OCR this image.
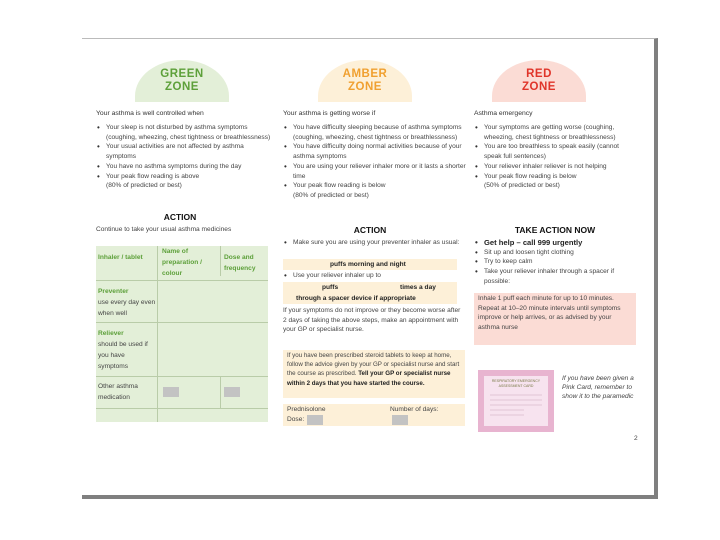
GREEN
ZONE
AMBER
ZONE
RED
ZONE
Your asthma is well controlled when
• Your sleep is not disturbed by asthma symptoms (coughing, wheezing, chest tightness or breathlessness)
• Your usual activities are not affected by asthma symptoms
• You have no asthma symptoms during the day
• Your peak flow reading is above
(80% of predicted or best)
ACTION
Continue to take your usual asthma medicines
Inhaler / tablet
Name of preparation / colour
Dose and frequency
Preventer
use every day even when well
Reliever
should be used if you have symptoms
Other asthma medication
Your asthma is getting worse if
• You have difficulty sleeping because of asthma symptoms (coughing, wheezing, chest tightness or breathlessness)
• You have difficulty doing normal activities because of your asthma symptoms
• You are using your reliever inhaler more or it lasts a shorter time
• Your peak flow reading is below
(80% of predicted or best)
ACTION
• Make sure you are using your preventer inhaler as usual:
puffs morning and night
• Use your reliever inhaler up to
puffs	times a day
through a spacer device if appropriate
If your symptoms do not improve or they become worse after 2 days of taking the above steps, make an appointment with your GP or specialist nurse.
If you have been prescribed steroid tablets to keep at home, follow the advice given by your GP or specialist nurse and start the course as prescribed. Tell your GP or specialist nurse within 2 days that you have started the course.
Prednisolone
Dose:
Number of days:
Asthma emergency
• Your symptoms are getting worse (coughing, wheezing, chest tightness or breathlessness)
• You are too breathless to speak easily (cannot speak full sentences)
• Your reliever inhaler reliever is not helping
• Your peak flow reading is below
(50% of predicted or best)
TAKE ACTION NOW
• Get help – call 999 urgently
• Sit up and loosen tight clothing
• Try to keep calm
• Take your reliever inhaler through a spacer if possible:
Inhale 1 puff each minute for up to 10 minutes.
Repeat at 10–20 minute intervals until symptoms improve or help arrives, or as advised by your asthma nurse
RESPIRATORY EMERGENCY ASSESSMENT CARD
If you have been given a Pink Card, remember to show it to the paramedic
2
